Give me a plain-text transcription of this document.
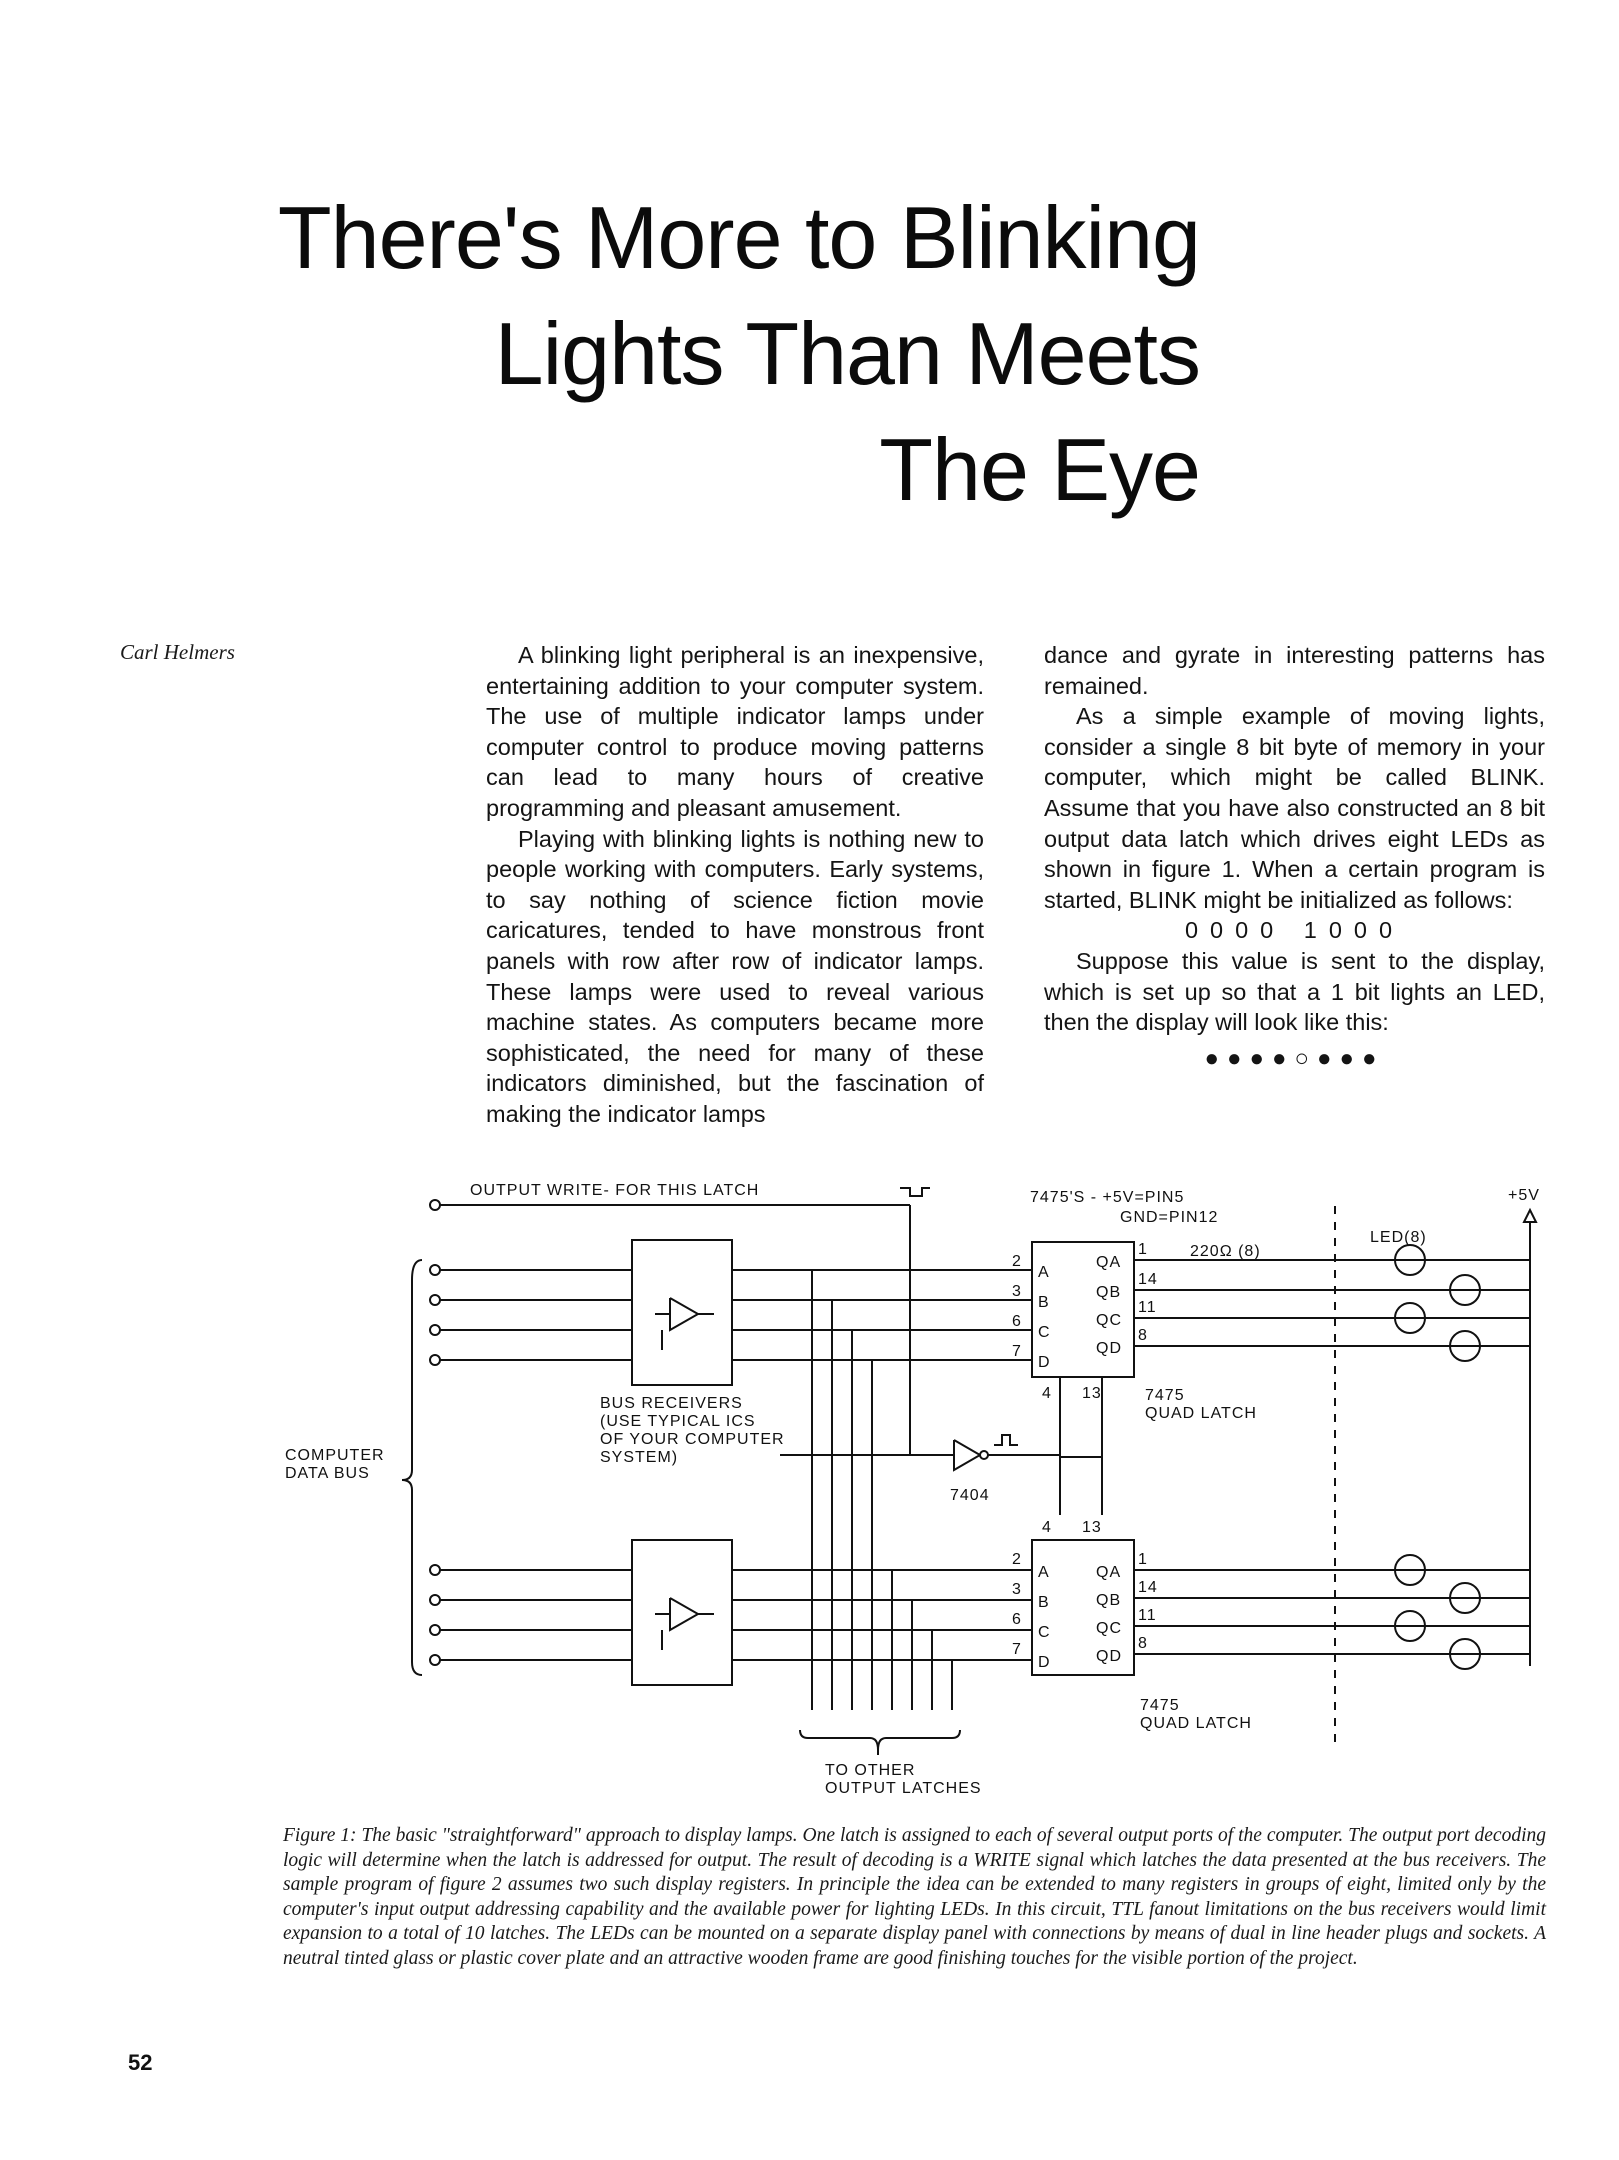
There's More to Blinking
Lights Than Meets
The Eye
Carl Helmers	A blinking light peripheral is an inexpensive, entertaining addition to your computer system. The use of multiple indicator lamps under computer control to produce moving patterns can lead to many hours of creative programming and pleasant amusement.

Playing with blinking lights is nothing new to people working with computers. Early systems, to say nothing of science fiction movie caricatures, tended to have monstrous front panels with row after row of indicator lamps. These lamps were used to reveal various machine states. As computers became more sophisticated, the need for many of these indicators diminished, but the fascination of making the indicator lamps

dance and gyrate in interesting patterns has remained.

As a simple example of moving lights, consider a single 8 bit byte of memory in your computer, which might be called BLINK. Assume that you have also constructed an 8 bit output data latch which drives eight LEDs as shown in figure 1. When a certain program is started, BLINK might be initialized as follows:

0000 1000

Suppose this value is sent to the display, which is set up so that a 1 bit lights an LED, then the display will look like this:

●●●●○●●●
OUTPUT WRITE- FOR THIS LATCH	7475'S - +5V=PIN5
GND=PIN12
+5V
LED(8)
220Ω (8)
BUS RECEIVERS
(USE TYPICAL ICS
OF YOUR COMPUTER
SYSTEM)
COMPUTER
DATA BUS
7404
7475
QUAD LATCH
7475
QUAD LATCH
TO OTHER
OUTPUT LATCHES
A
B
C
D
QA
QB
QC
QD
2
3
6
7
1
14
11
8
4 13
A
B
C
D
QA
QB
QC
QD
2
3
6
7
1
14
11
8
4 13
Figure 1: The basic "straightforward" approach to display lamps. One latch is assigned to each of several output ports of the computer. The output port decoding logic will determine when the latch is addressed for output. The result of decoding is a WRITE signal which latches the data presented at the bus receivers. The sample program of figure 2 assumes two such display registers. In principle the idea can be extended to many registers in groups of eight, limited only by the computer's input output addressing capability and the available power for lighting LEDs. In this circuit, TTL fanout limitations on the bus receivers would limit expansion to a total of 10 latches. The LEDs can be mounted on a separate display panel with connections by means of dual in line header plugs and sockets. A neutral tinted glass or plastic cover plate and an attractive wooden frame are good finishing touches for the visible portion of the project.
52
